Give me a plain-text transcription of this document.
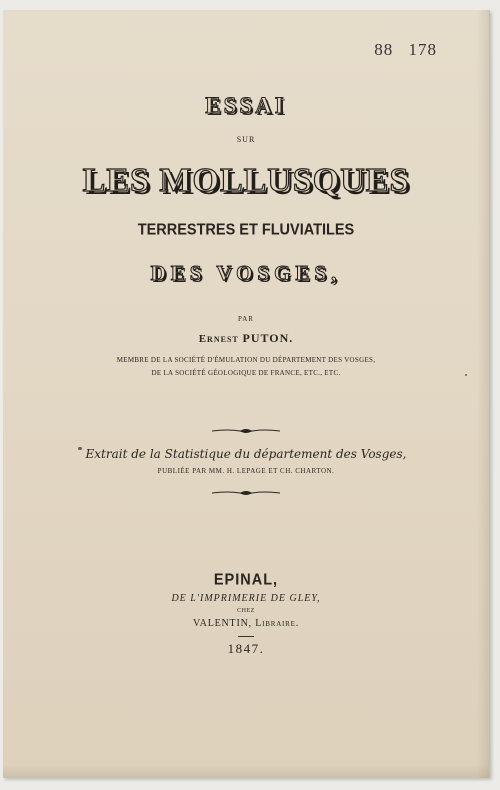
88 178
ESSAI
SUR
LES MOLLUSQUES
TERRESTRES ET FLUVIATILES
DES VOSGES,
PAR
Ernest PUTON.
MEMBRE DE LA SOCIÉTÉ D'ÉMULATION DU DÉPARTEMENT DES VOSGES,
DE LA SOCIÉTÉ GÉOLOGIQUE DE FRANCE, ETC., ETC.
Extrait de la Statistique du département des Vosges,
PUBLIÉE PAR MM. H. LEPAGE ET CH. CHARTON.
EPINAL,
DE L'IMPRIMERIE DE GLEY,
CHEZ
VALENTIN, Libraire.
1847.
